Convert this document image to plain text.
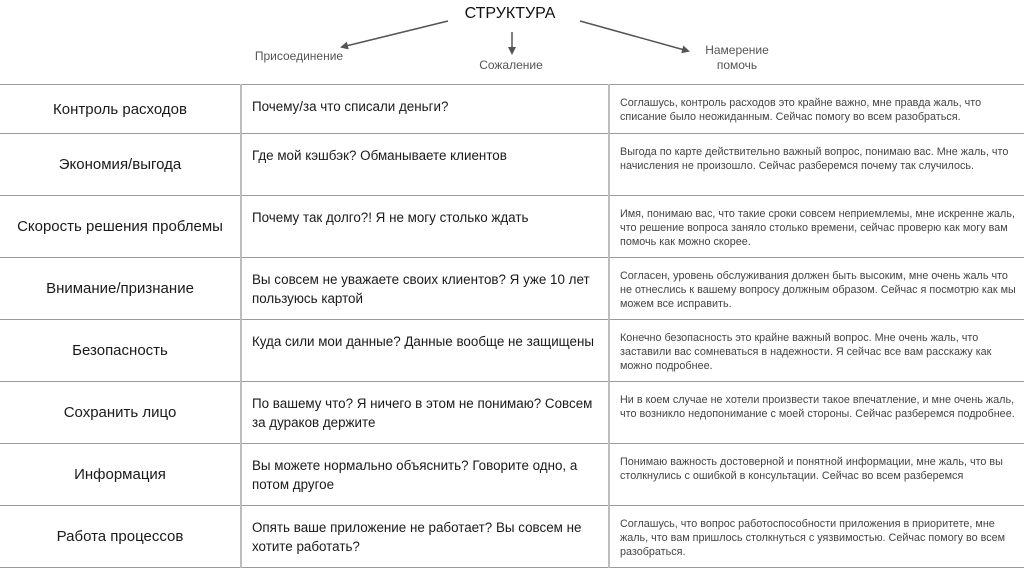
СТРУКТУРА
Присоединение
Сожаление
Намерение помочь
Контроль расходов	Почему/за что списали деньги?	Соглашусь, контроль расходов это крайне важно, мне правда жаль, что списание было неожиданным. Сейчас помогу во всем разобраться.
Экономия/выгода	Где мой кэшбэк? Обманываете клиентов	Выгода по карте действительно важный вопрос, понимаю вас. Мне жаль, что начисления не произошло. Сейчас разберемся почему так случилось.
Скорость решения проблемы	Почему так долго?! Я не могу столько ждать	Имя, понимаю вас, что такие сроки совсем неприемлемы, мне искренне жаль, что решение вопроса заняло столько времени, сейчас проверю как могу вам помочь как можно скорее.
Внимание/признание	Вы совсем не уважаете своих клиентов? Я уже 10 лет пользуюсь картой	Согласен, уровень обслуживания должен быть высоким, мне очень жаль что не отнеслись к вашему вопросу должным образом. Сейчас я посмотрю как мы можем все исправить.
Безопасность	Куда сили мои данные? Данные вообще не защищены	Конечно безопасность это крайне важный вопрос. Мне очень жаль, что заставили вас сомневаться в надежности. Я сейчас все вам расскажу как можно подробнее.
Сохранить лицо	По вашему что? Я ничего в этом не понимаю? Совсем за дураков держите	Ни в коем случае не хотели произвести такое впечатление, и мне очень жаль, что возникло недопонимание с моей стороны. Сейчас разберемся подробнее.
Информация	Вы можете нормально объяснить? Говорите одно, а потом другое	Понимаю важность достоверной и понятной информации, мне жаль, что вы столкнулись с ошибкой в консультации. Сейчас во всем разберемся
Работа процессов	Опять ваше приложение не работает? Вы совсем не хотите работать?	Соглашусь, что вопрос работоспособности приложения в приоритете, мне жаль, что вам пришлось столкнуться с уязвимостью. Сейчас помогу во всем разобраться.
